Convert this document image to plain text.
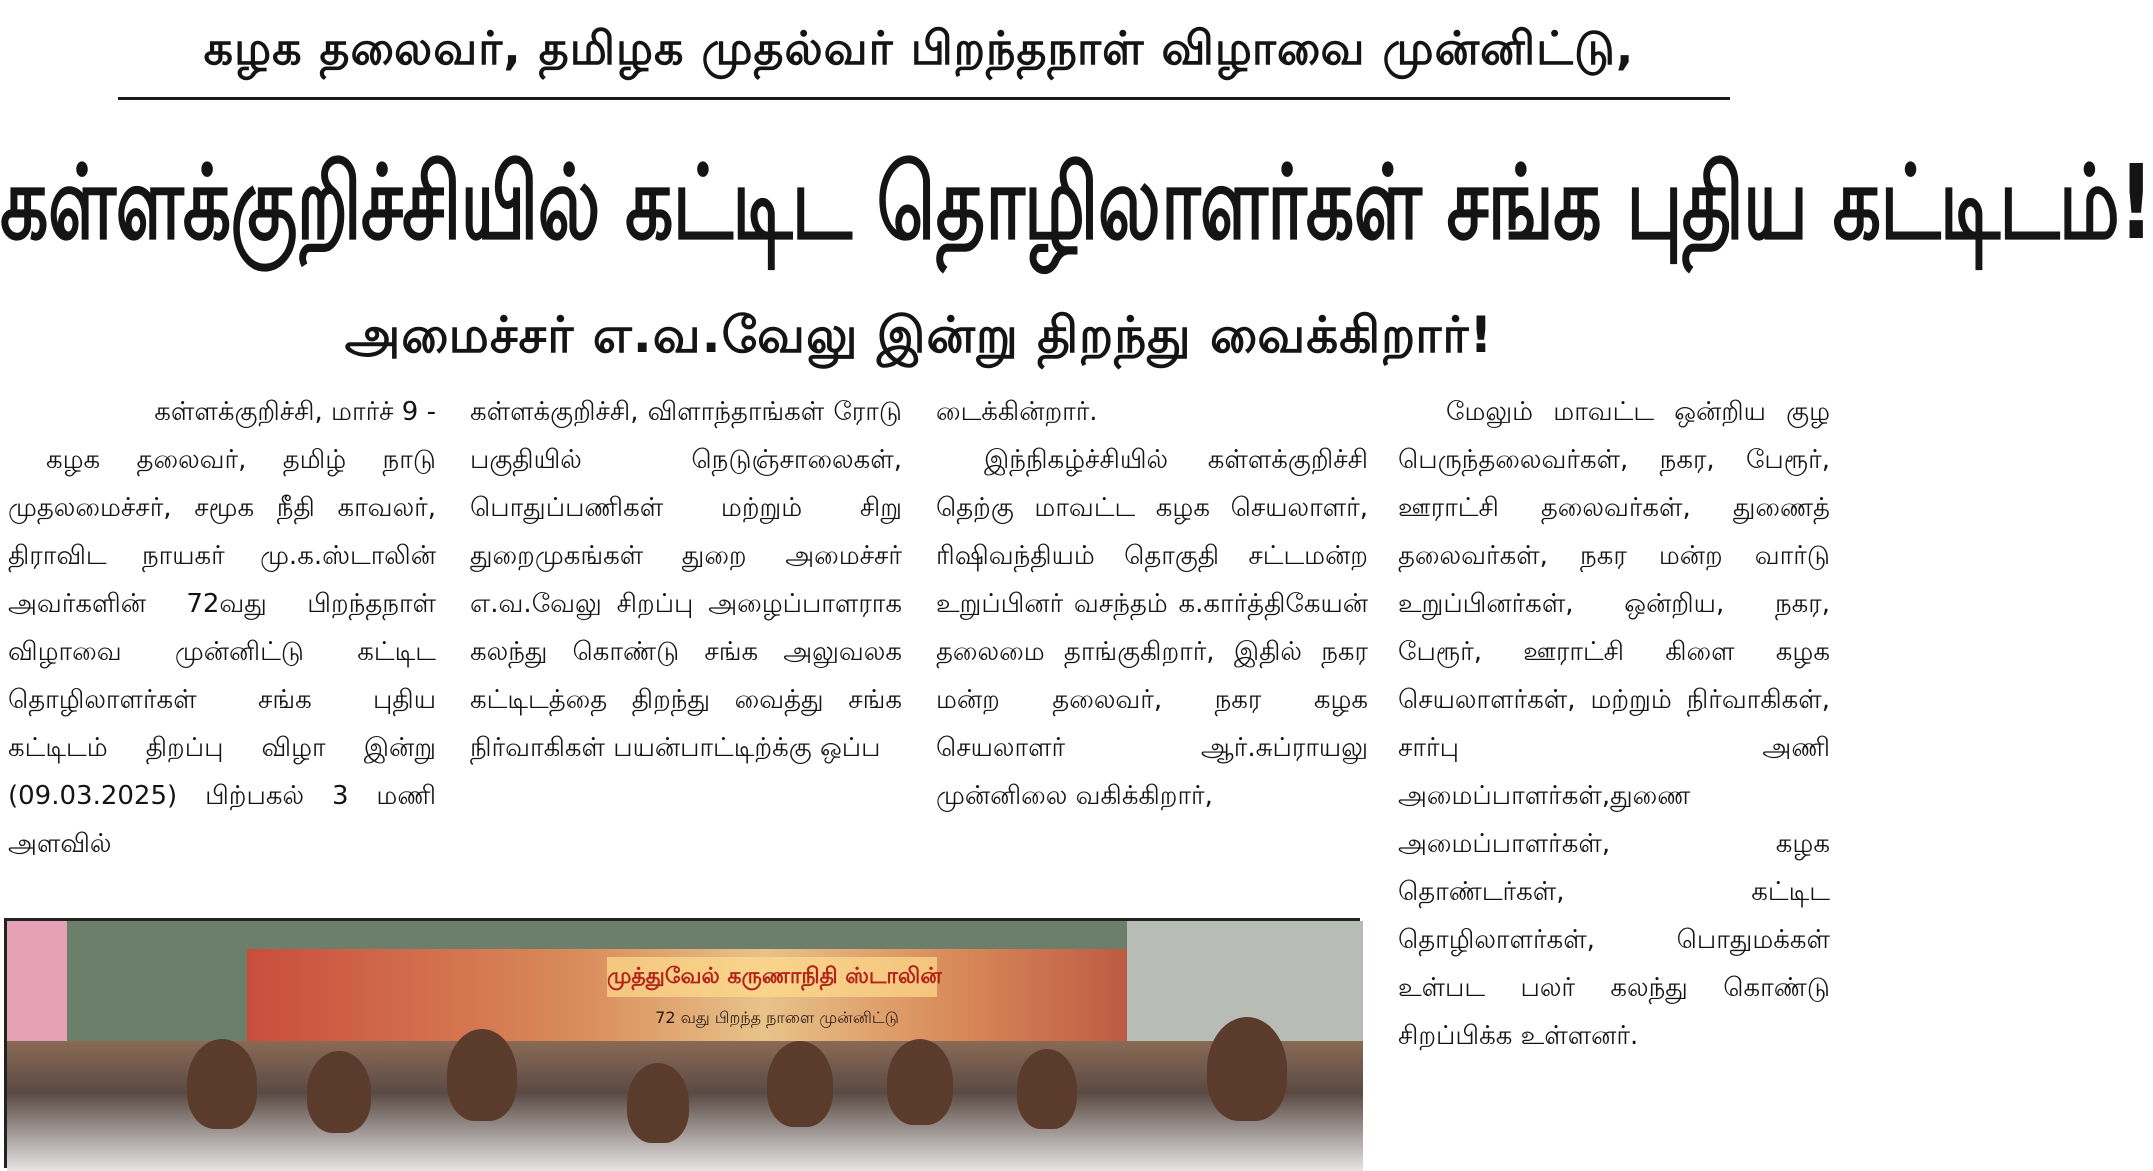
கழக தலைவர், தமிழக முதல்வர் பிறந்தநாள் விழாவை முன்னிட்டு,
கள்ளக்குறிச்சியில் கட்டிட தொழிலாளர்கள் சங்க புதிய கட்டிடம்!
அமைச்சர் எ.வ.வேலு இன்று திறந்து வைக்கிறார்!

கள்ளக்குறிச்சி, மார்ச் 9 -

கழக தலைவர், தமிழ் நாடு முதலமைச்சர், சமூக நீதி காவலர், திராவிட நாயகர் மு.க.ஸ்டாலின் அவர்களின் 72வது பிறந்தநாள் விழாவை முன்னிட்டு கட்டிட தொழிலாளர்கள் சங்க புதிய கட்டிடம் திறப்பு விழா இன்று (09.03.2025) பிற்பகல் 3 மணி அளவில்

கள்ளக்குறிச்சி, விளாந்தாங்கள் ரோடு பகுதியில் நெடுஞ்சாலைகள், பொதுப்பணிகள் மற்றும் சிறு துறைமுகங்கள் துறை அமைச்சர் எ.வ.வேலு சிறப்பு அழைப்பாளராக கலந்து கொண்டு சங்க அலுவலக கட்டிடத்தை திறந்து வைத்து சங்க நிர்வாகிகள் பயன்பாட்டிற்க்கு ஒப்ப

டைக்கின்றார்.

இந்நிகழ்ச்சியில் கள்ளக்குறிச்சி தெற்கு மாவட்ட கழக செயலாளர், ரிஷிவந்தியம் தொகுதி சட்டமன்ற உறுப்பினர் வசந்தம் க.கார்த்திகேயன் தலைமை தாங்குகிறார், இதில் நகர மன்ற தலைவர், நகர கழக செயலாளர் ஆர்.சுப்ராயலு முன்னிலை வகிக்கிறார்,

மேலும் மாவட்ட ஒன்றிய குழ பெருந்தலைவர்கள், நகர, பேரூர், ஊராட்சி தலைவர்கள், துணைத் தலைவர்கள், நகர மன்ற வார்டு உறுப்பினர்கள், ஒன்றிய, நகர, பேரூர், ஊராட்சி கிளை கழக செயலாளர்கள், மற்றும் நிர்வாகிகள், சார்பு அணி அமைப்பாளர்கள்,துணை அமைப்பாளர்கள், கழக தொண்டர்கள், கட்டிட தொழிலாளர்கள், பொதுமக்கள் உள்பட பலர் கலந்து கொண்டு சிறப்பிக்க உள்ளனர்.

முத்துவேல் கருணாநிதி ஸ்டாலின்
72 வது பிறந்த நாளை முன்னிட்டு
